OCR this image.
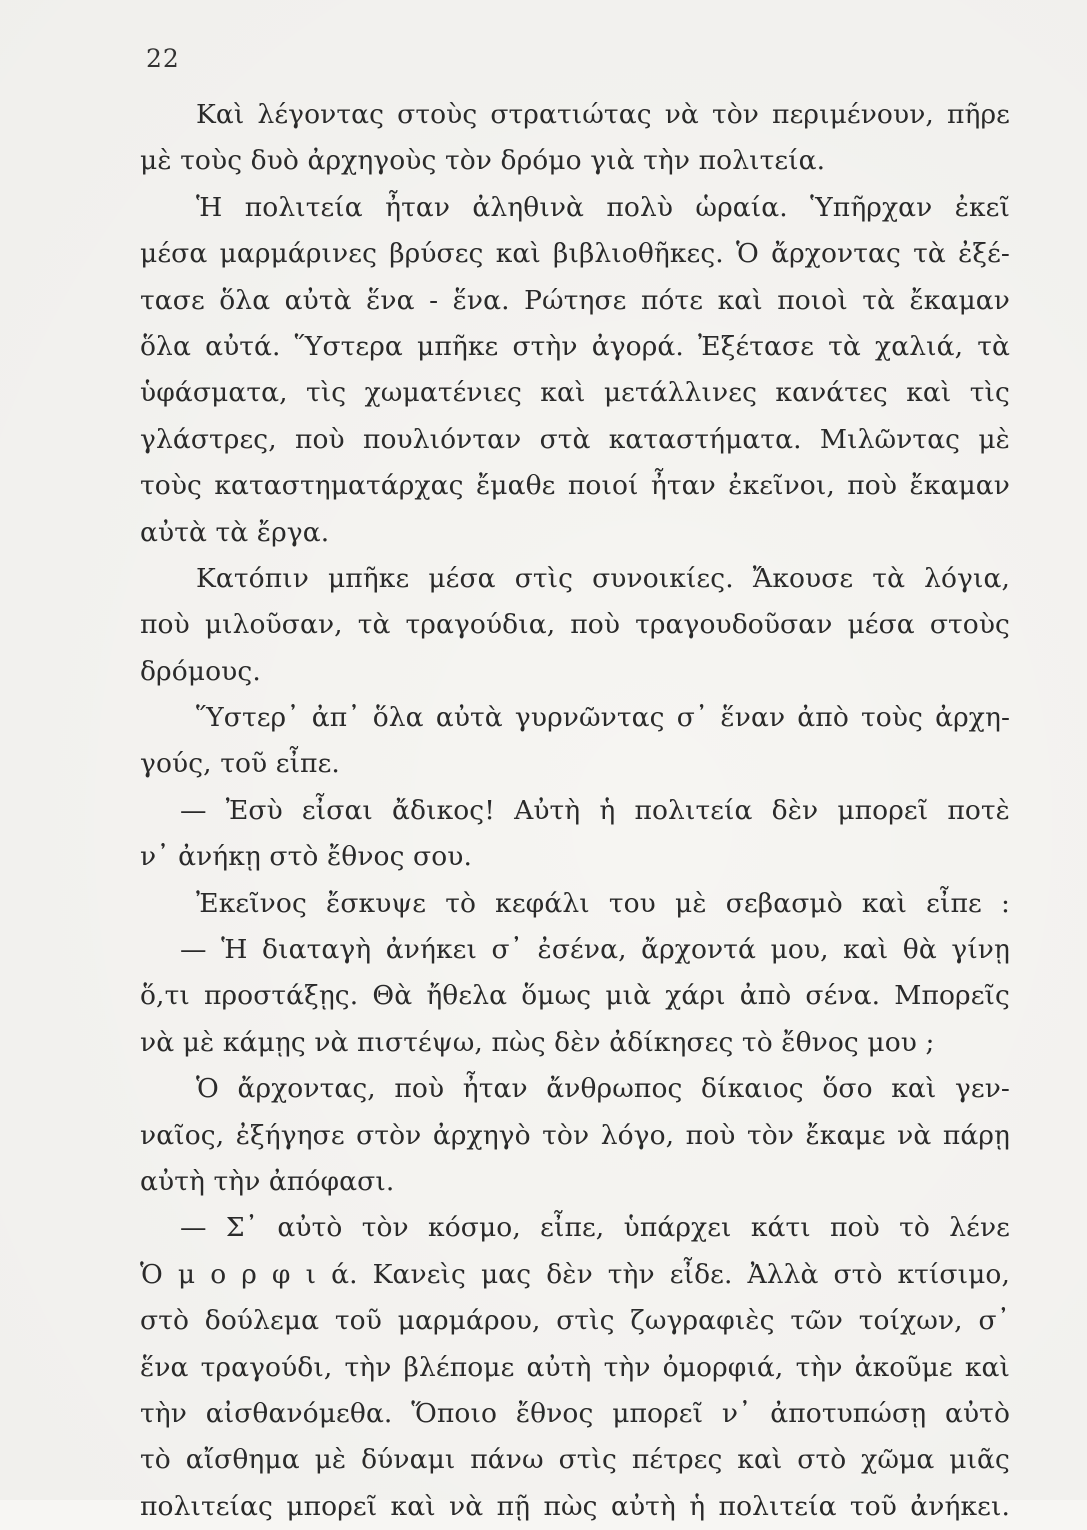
22
Καὶ λέγοντας στοὺς στρατιώτας νὰ τὸν περιμένουν, πῆρε
μὲ τοὺς δυὸ ἀρχηγοὺς τὸν δρόμο γιὰ τὴν πολιτεία.
Ἡ πολιτεία ἦταν ἀληθινὰ πολὺ ὡραία. Ὑπῆρχαν ἐκεῖ
μέσα μαρμάρινες βρύσες καὶ βιβλιοθῆκες. Ὁ ἄρχοντας τὰ ἐξέ-
τασε ὅλα αὐτὰ ἕνα - ἕνα. Ρώτησε πότε καὶ ποιοὶ τὰ ἔκαμαν
ὅλα αὐτά. Ὕστερα μπῆκε στὴν ἀγορά. Ἐξέτασε τὰ χαλιά, τὰ
ὑφάσματα, τὶς χωματένιες καὶ μετάλλινες κανάτες καὶ τὶς
γλάστρες, ποὺ πουλιόνταν στὰ καταστήματα. Μιλῶντας μὲ
τοὺς καταστηματάρχας ἔμαθε ποιοί ἦταν ἐκεῖνοι, ποὺ ἔκαμαν
αὐτὰ τὰ ἔργα.
Κατόπιν μπῆκε μέσα στὶς συνοικίες. Ἄκουσε τὰ λόγια,
ποὺ μιλοῦσαν, τὰ τραγούδια, ποὺ τραγουδοῦσαν μέσα στοὺς
δρόμους.
Ὕστερ᾽ ἀπ᾽ ὅλα αὐτὰ γυρνῶντας σ᾽ ἕναν ἀπὸ τοὺς ἀρχη-
γούς, τοῦ εἶπε.
— Ἐσὺ εἶσαι ἄδικος! Αὐτὴ ἡ πολιτεία δὲν μπορεῖ ποτὲ
ν᾽ ἀνήκῃ στὸ ἔθνος σου.
Ἐκεῖνος ἔσκυψε τὸ κεφάλι του μὲ σεβασμὸ καὶ εἶπε :
— Ἡ διαταγὴ ἀνήκει σ᾽ ἐσένα, ἄρχοντά μου, καὶ θὰ γίνῃ
ὅ,τι προστάξῃς. Θὰ ἤθελα ὅμως μιὰ χάρι ἀπὸ σένα. Μπορεῖς
νὰ μὲ κάμῃς νὰ πιστέψω, πὼς δὲν ἀδίκησες τὸ ἔθνος μου ;
Ὁ ἄρχοντας, ποὺ ἦταν ἄνθρωπος δίκαιος ὅσο καὶ γεν-
ναῖος, ἐξήγησε στὸν ἀρχηγὸ τὸν λόγο, ποὺ τὸν ἔκαμε νὰ πάρῃ
αὐτὴ τὴν ἀπόφασι.
— Σ᾽ αὐτὸ τὸν κόσμο, εἶπε, ὑπάρχει κάτι ποὺ τὸ λένε
Ὁ μ ο ρ φ ι ά. Κανεὶς μας δὲν τὴν εἶδε. Ἀλλὰ στὸ κτίσιμο,
στὸ δούλεμα τοῦ μαρμάρου, στὶς ζωγραφιὲς τῶν τοίχων, σ᾽
ἕνα τραγούδι, τὴν βλέπομε αὐτὴ τὴν ὀμορφιά, τὴν ἀκοῦμε καὶ
τὴν αἰσθανόμεθα. Ὅποιο ἔθνος μπορεῖ ν᾽ ἀποτυπώσῃ αὐτὸ
τὸ αἴσθημα μὲ δύναμι πάνω στὶς πέτρες καὶ στὸ χῶμα μιᾶς
πολιτείας μπορεῖ καὶ νὰ πῇ πὼς αὐτὴ ἡ πολιτεία τοῦ ἀνήκει.
